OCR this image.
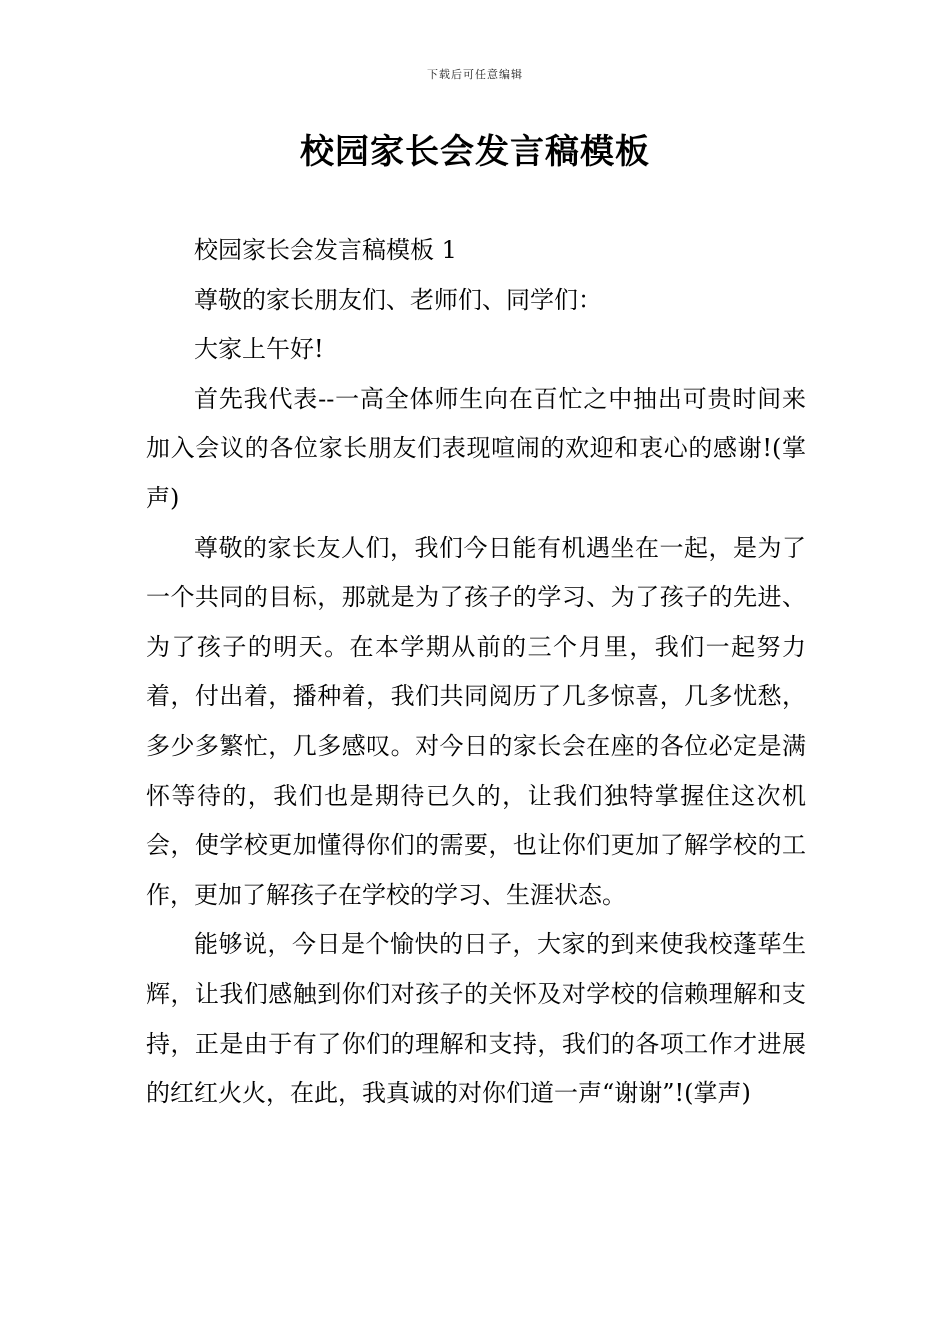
下载后可任意编辑
校园家长会发言稿模板

校园家长会发言稿模板 1

尊敬的家长朋友们、老师们、同学们：

大家上午好!

首先我代表--一高全体师生向在百忙之中抽出可贵时间来加入会议的各位家长朋友们表现喧闹的欢迎和衷心的感谢!(掌声)

尊敬的家长友人们，我们今日能有机遇坐在一起，是为了一个共同的目标，那就是为了孩子的学习、为了孩子的先进、为了孩子的明天。在本学期从前的三个月里，我们一起努力着，付出着，播种着，我们共同阅历了几多惊喜，几多忧愁，多少多繁忙，几多感叹。对今日的家长会在座的各位必定是满怀等待的，我们也是期待已久的，让我们独特掌握住这次机会，使学校更加懂得你们的需要，也让你们更加了解学校的工作，更加了解孩子在学校的学习、生涯状态。

能够说，今日是个愉快的日子，大家的到来使我校蓬荜生辉，让我们感触到你们对孩子的关怀及对学校的信赖理解和支持，正是由于有了你们的理解和支持，我们的各项工作才进展的红红火火，在此，我真诚的对你们道一声“谢谢”!(掌声)
